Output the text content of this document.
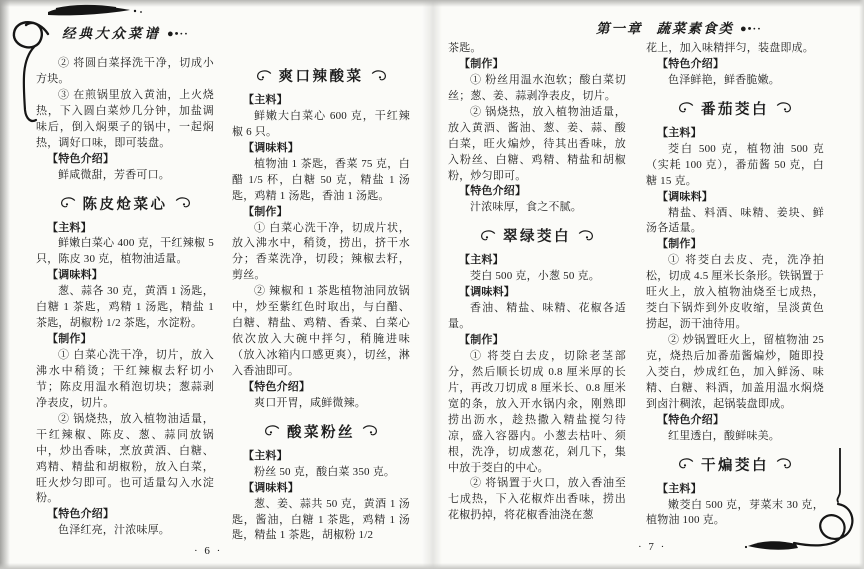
经典大众菜谱 ●•··	第一章 蔬菜素食类 ●•··

② 将圆白菜择洗干净，切成小方块。

③ 在煎锅里放入黄油，上火烧热，下入圆白菜炒几分钟，加盐调味后，倒入焖栗子的锅中，一起焖热，调好口味，即可装盘。

【特色介绍】

鲜咸微甜，芳香可口。

陈皮炝菜心

【主料】

鲜嫩白菜心 400 克，干红辣椒 5 只，陈皮 30 克，植物油适量。

【调味料】

葱、蒜各 30 克，黄酒 1 汤匙，白糖 1 茶匙，鸡精 1 汤匙，精盐 1 茶匙，胡椒粉 1/2 茶匙，水淀粉。

【制作】

① 白菜心洗干净，切片，放入沸水中稍烫；干红辣椒去籽切小节；陈皮用温水稍泡切块；葱蒜剥净表皮，切片。

② 锅烧热，放入植物油适量，干红辣椒、陈皮、葱、蒜同放锅中，炒出香味，烹放黄酒、白糖、鸡精、精盐和胡椒粉，放入白菜，旺火炒匀即可。也可适量勾入水淀粉。

【特色介绍】

色泽红亮，汁浓味厚。

爽口辣酸菜

【主料】

鲜嫩大白菜心 600 克，干红辣椒 6 只。

【调味料】

植物油 1 茶匙，香菜 75 克，白醋 1/5 杯，白糖 50 克，精盐 1 汤匙，鸡精 1 汤匙，香油 1 汤匙。

【制作】

① 白菜心洗干净，切成片状，放入沸水中，稍烫，捞出，挤干水分；香菜洗净，切段；辣椒去籽，剪丝。

② 辣椒和 1 茶匙植物油同放锅中，炒至紫红色时取出，与白醋、白糖、精盐、鸡精、香菜、白菜心依次放入大碗中拌匀，稍腌进味（放入冰箱内口感更爽），切丝，淋入香油即可。

【特色介绍】

爽口开胃，咸鲜微辣。

酸菜粉丝

【主料】

粉丝 50 克，酸白菜 350 克。

【调味料】

葱、姜、蒜共 50 克，黄酒 1 汤匙，酱油，白糖 1 茶匙，鸡精 1 汤匙，精盐 1 茶匙，胡椒粉 1/2

茶匙。

【制作】

① 粉丝用温水泡软；酸白菜切丝；葱、姜、蒜剥净表皮，切片。

② 锅烧热，放入植物油适量，放入黄酒、酱油、葱、姜、蒜、酸白菜，旺火煸炒，待其出香味，放入粉丝、白糖、鸡精、精盐和胡椒粉，炒匀即可。

【特色介绍】

汁浓味厚，食之不腻。

翠绿茭白

【主料】

茭白 500 克，小葱 50 克。

【调味料】

香油、精盐、味精、花椒各适量。

【制作】

① 将茭白去皮，切除老茎部分，然后顺长切成 0.8 厘米厚的长片，再改刀切成 8 厘米长、0.8 厘米宽的条，放入开水锅内汆，刚熟即捞出沥水，趁热撒入精盐搅匀待凉，盛入容器内。小葱去枯叶、须根，洗净，切成葱花，剁几下，集中放于茭白的中心。

② 将锅置于火口，放入香油至七成热，下入花椒炸出香味，捞出花椒扔掉，将花椒香油浇在葱

花上，加入味精拌匀，装盘即成。

【特色介绍】

色泽鲜艳，鲜香脆嫩。

番茄茭白

【主料】

茭白 500 克，植物油 500 克（实耗 100 克），番茄酱 50 克，白糖 15 克。

【调味料】

精盐、料酒、味精、姜块、鲜汤各适量。

【制作】

① 将茭白去皮、壳，洗净拍松，切成 4.5 厘米长条形。铁锅置于旺火上，放入植物油烧至七成热，茭白下锅炸到外皮收缩，呈淡黄色捞起，沥干油待用。

② 炒锅置旺火上，留植物油 25 克，烧热后加番茄酱煸炒，随即投入茭白，炒成红色，加入鲜汤、味精、白糖、料酒，加盖用温水焖烧到卤汁稠浓，起锅装盘即成。

【特色介绍】

红里透白，酸鲜味美。

干煸茭白

【主料】

嫩茭白 500 克，芽菜末 30 克，植物油 100 克。

· 6 ·	· 7 ·
